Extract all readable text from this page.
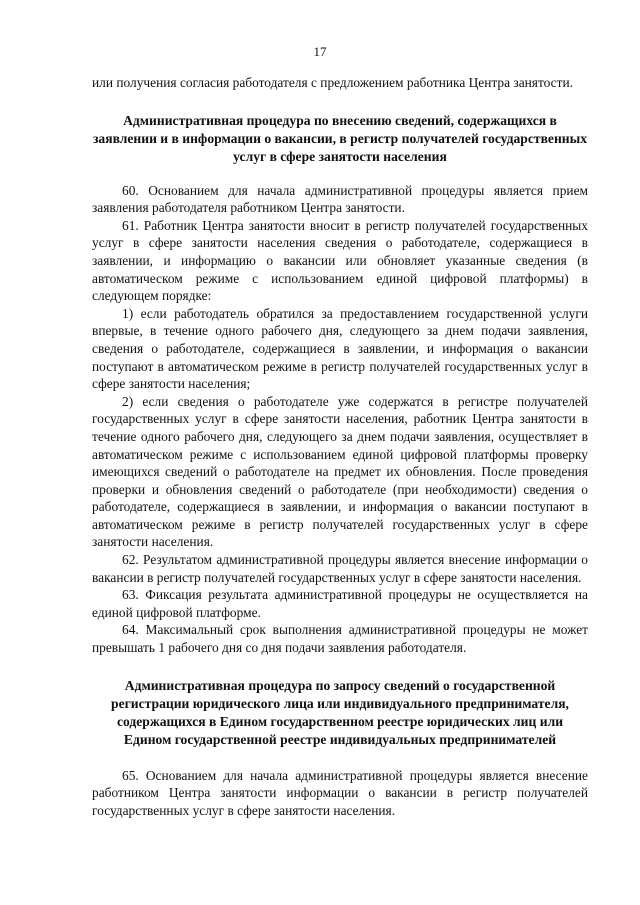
17

или получения согласия работодателя с предложением работника Центра занятости.

Административная процедура по внесению сведений, содержащихся в заявлении и в информации о вакансии, в регистр получателей государственных услуг в сфере занятости населения

60. Основанием для начала административной процедуры является прием заявления работодателя работником Центра занятости.

61. Работник Центра занятости вносит в регистр получателей государственных услуг в сфере занятости населения сведения о работодателе, содержащиеся в заявлении, и информацию о вакансии или обновляет указанные сведения (в автоматическом режиме с использованием единой цифровой платформы) в следующем порядке:

1) если работодатель обратился за предоставлением государственной услуги впервые, в течение одного рабочего дня, следующего за днем подачи заявления, сведения о работодателе, содержащиеся в заявлении, и информация о вакансии поступают в автоматическом режиме в регистр получателей государственных услуг в сфере занятости населения;

2) если сведения о работодателе уже содержатся в регистре получателей государственных услуг в сфере занятости населения, работник Центра занятости в течение одного рабочего дня, следующего за днем подачи заявления, осуществляет в автоматическом режиме с использованием единой цифровой платформы проверку имеющихся сведений о работодателе на предмет их обновления. После проведения проверки и обновления сведений о работодателе (при необходимости) сведения о работодателе, содержащиеся в заявлении, и информация о вакансии поступают в автоматическом режиме в регистр получателей государственных услуг в сфере занятости населения.

62. Результатом административной процедуры является внесение информации о вакансии в регистр получателей государственных услуг в сфере занятости населения.

63. Фиксация результата административной процедуры не осуществляется на единой цифровой платформе.

64. Максимальный срок выполнения административной процедуры не может превышать 1 рабочего дня со дня подачи заявления работодателя.

Административная процедура по запросу сведений о государственной регистрации юридического лица или индивидуального предпринимателя, содержащихся в Едином государственном реестре юридических лиц или Едином государственной реестре индивидуальных предпринимателей

65. Основанием для начала административной процедуры является внесение работником Центра занятости информации о вакансии в регистр получателей государственных услуг в сфере занятости населения.
